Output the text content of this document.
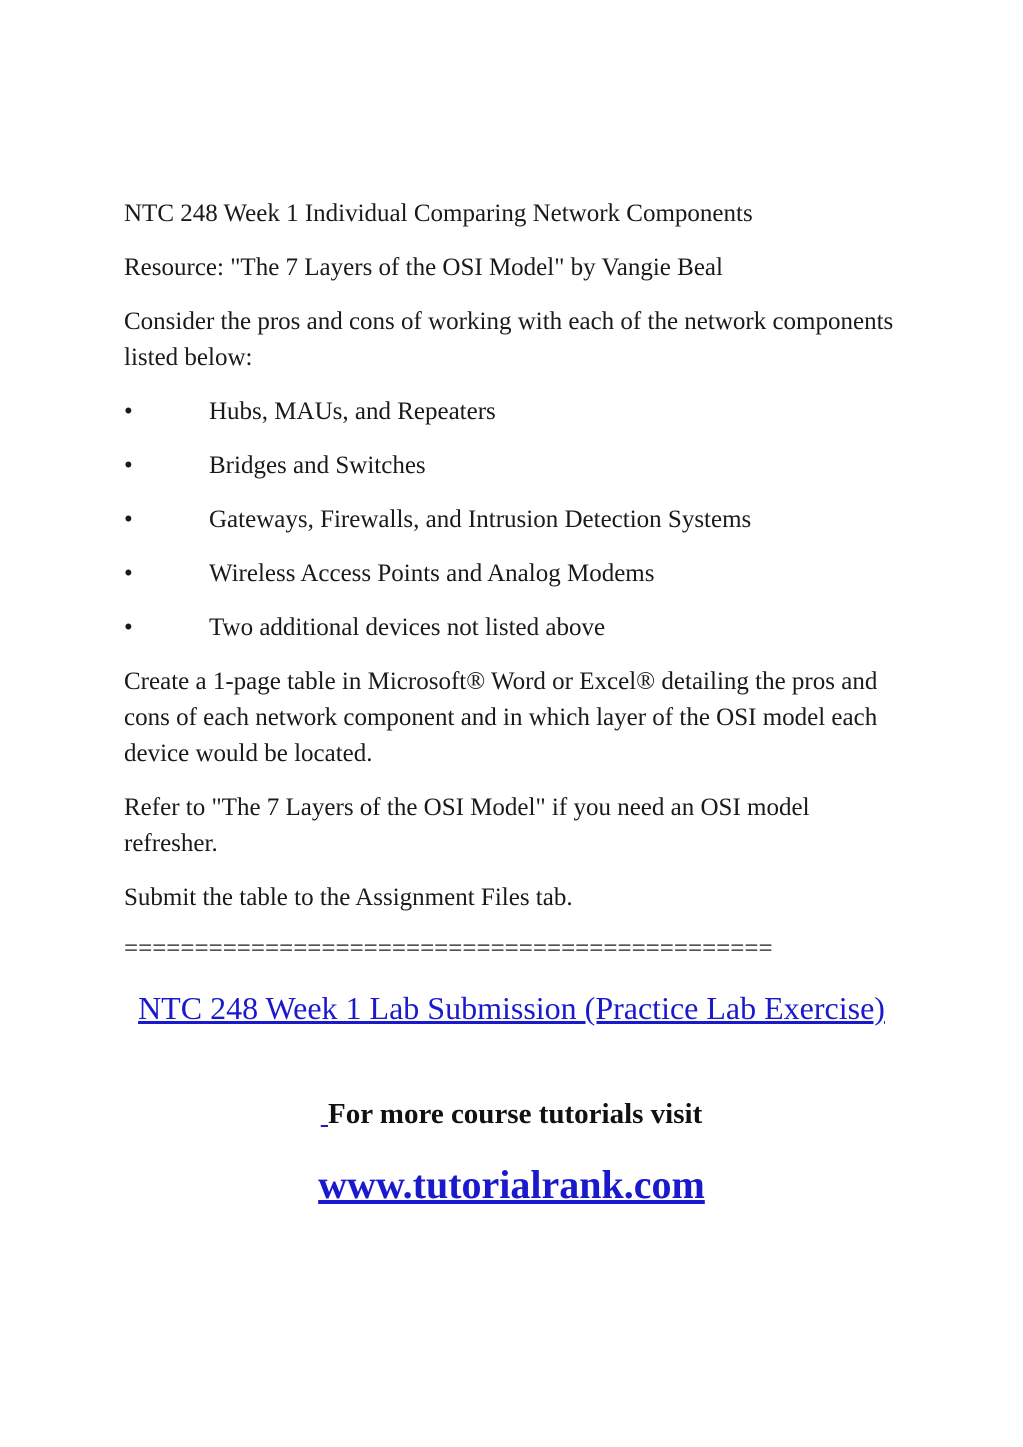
NTC 248 Week 1 Individual Comparing Network Components

Resource: "The 7 Layers of the OSI Model" by Vangie Beal

Consider the pros and cons of working with each of the network components listed below:

•	Hubs, MAUs, and Repeaters
•	Bridges and Switches
•	Gateways, Firewalls, and Intrusion Detection Systems
•	Wireless Access Points and Analog Modems
•	Two additional devices not listed above

Create a 1-page table in Microsoft® Word or Excel® detailing the pros and cons of each network component and in which layer of the OSI model each device would be located.

Refer to "The 7 Layers of the OSI Model" if you need an OSI model refresher.

Submit the table to the Assignment Files tab.

==============================================

NTC 248 Week 1 Lab Submission (Practice Lab Exercise)
For more course tutorials visit
www.tutorialrank.com
